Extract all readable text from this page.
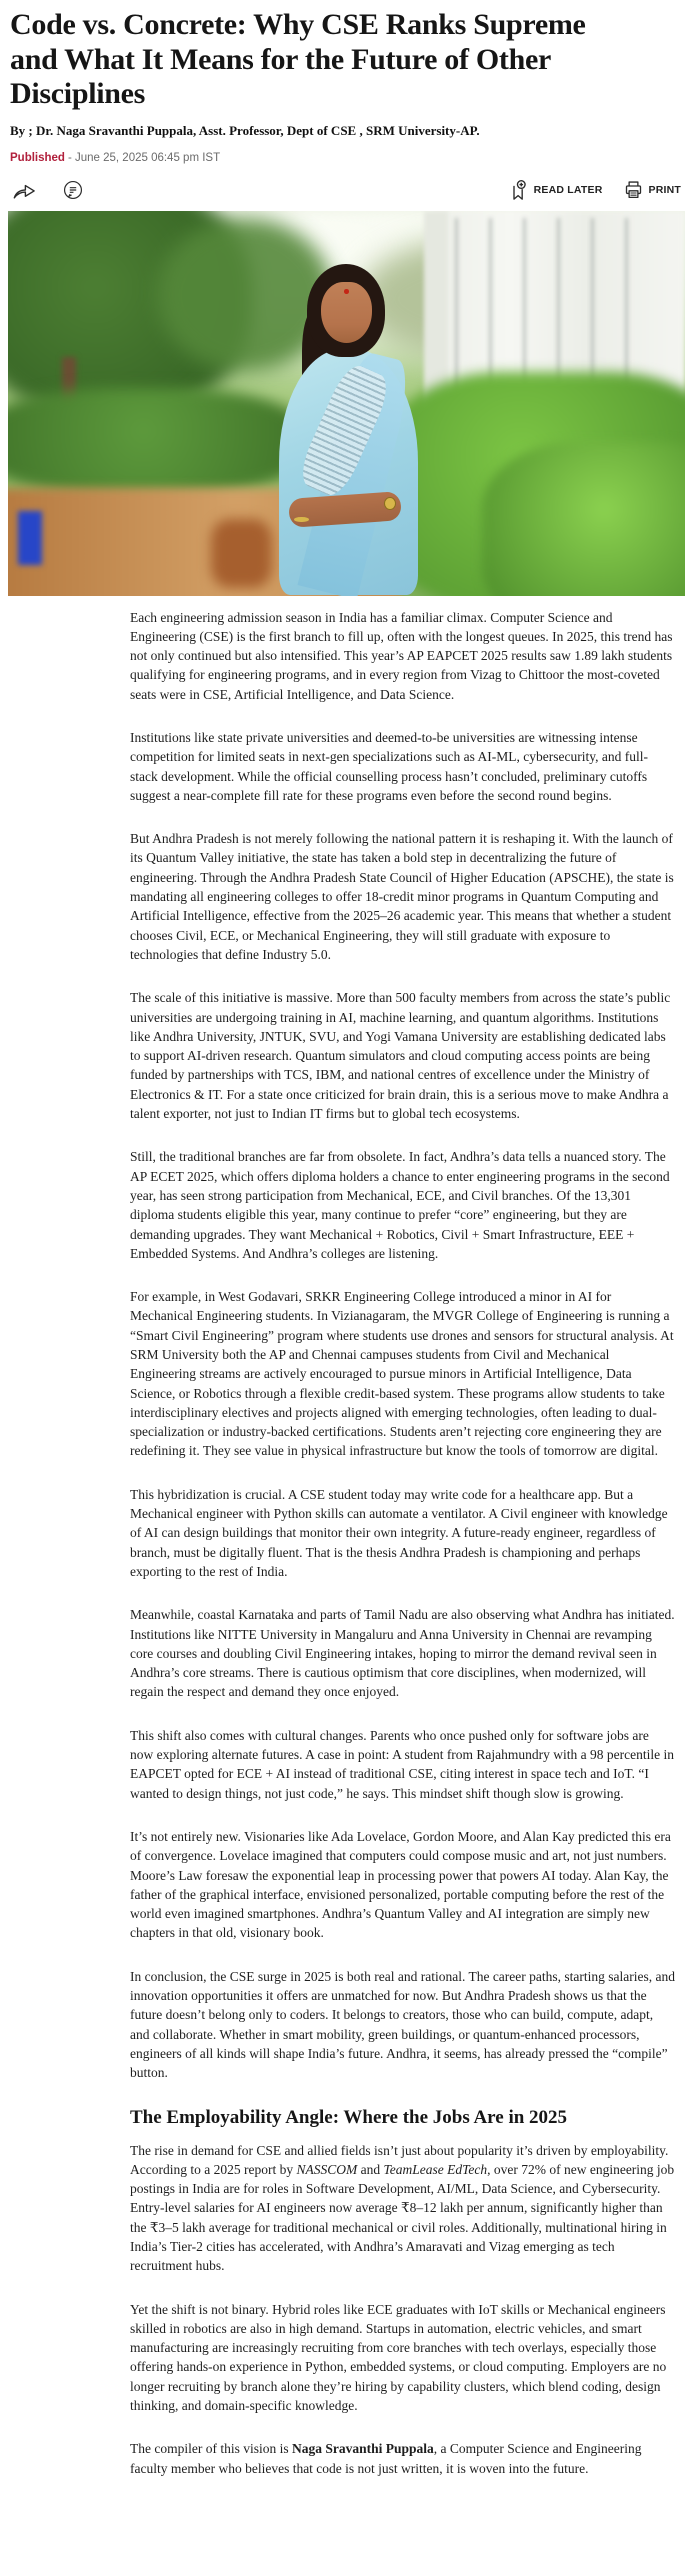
Code vs. Concrete: Why CSE Ranks Supreme and What It Means for the Future of Other Disciplines

By ; Dr. Naga Sravanthi Puppala, Asst. Professor, Dept of CSE , SRM University-AP.

Published - June 25, 2025 06:45 pm IST

READ LATER	PRINT

Each engineering admission season in India has a familiar climax. Computer Science and Engineering (CSE) is the first branch to fill up, often with the longest queues. In 2025, this trend has not only continued but also intensified. This year’s AP EAPCET 2025 results saw 1.89 lakh students qualifying for engineering programs, and in every region from Vizag to Chittoor the most-coveted seats were in CSE, Artificial Intelligence, and Data Science.

Institutions like state private universities and deemed-to-be universities are witnessing intense competition for limited seats in next-gen specializations such as AI-ML, cybersecurity, and full-stack development. While the official counselling process hasn’t concluded, preliminary cutoffs suggest a near-complete fill rate for these programs even before the second round begins.

But Andhra Pradesh is not merely following the national pattern it is reshaping it. With the launch of its Quantum Valley initiative, the state has taken a bold step in decentralizing the future of engineering. Through the Andhra Pradesh State Council of Higher Education (APSCHE), the state is mandating all engineering colleges to offer 18-credit minor programs in Quantum Computing and Artificial Intelligence, effective from the 2025–26 academic year. This means that whether a student chooses Civil, ECE, or Mechanical Engineering, they will still graduate with exposure to technologies that define Industry 5.0.

The scale of this initiative is massive. More than 500 faculty members from across the state’s public universities are undergoing training in AI, machine learning, and quantum algorithms. Institutions like Andhra University, JNTUK, SVU, and Yogi Vamana University are establishing dedicated labs to support AI-driven research. Quantum simulators and cloud computing access points are being funded by partnerships with TCS, IBM, and national centres of excellence under the Ministry of Electronics & IT. For a state once criticized for brain drain, this is a serious move to make Andhra a talent exporter, not just to Indian IT firms but to global tech ecosystems.

Still, the traditional branches are far from obsolete. In fact, Andhra’s data tells a nuanced story. The AP ECET 2025, which offers diploma holders a chance to enter engineering programs in the second year, has seen strong participation from Mechanical, ECE, and Civil branches. Of the 13,301 diploma students eligible this year, many continue to prefer “core” engineering, but they are demanding upgrades. They want Mechanical + Robotics, Civil + Smart Infrastructure, EEE + Embedded Systems. And Andhra’s colleges are listening.

For example, in West Godavari, SRKR Engineering College introduced a minor in AI for Mechanical Engineering students. In Vizianagaram, the MVGR College of Engineering is running a “Smart Civil Engineering” program where students use drones and sensors for structural analysis. At SRM University both the AP and Chennai campuses students from Civil and Mechanical Engineering streams are actively encouraged to pursue minors in Artificial Intelligence, Data Science, or Robotics through a flexible credit-based system. These programs allow students to take interdisciplinary electives and projects aligned with emerging technologies, often leading to dual-specialization or industry-backed certifications. Students aren’t rejecting core engineering they are redefining it. They see value in physical infrastructure but know the tools of tomorrow are digital.

This hybridization is crucial. A CSE student today may write code for a healthcare app. But a Mechanical engineer with Python skills can automate a ventilator. A Civil engineer with knowledge of AI can design buildings that monitor their own integrity. A future-ready engineer, regardless of branch, must be digitally fluent. That is the thesis Andhra Pradesh is championing and perhaps exporting to the rest of India.

Meanwhile, coastal Karnataka and parts of Tamil Nadu are also observing what Andhra has initiated. Institutions like NITTE University in Mangaluru and Anna University in Chennai are revamping core courses and doubling Civil Engineering intakes, hoping to mirror the demand revival seen in Andhra’s core streams. There is cautious optimism that core disciplines, when modernized, will regain the respect and demand they once enjoyed.

This shift also comes with cultural changes. Parents who once pushed only for software jobs are now exploring alternate futures. A case in point: A student from Rajahmundry with a 98 percentile in EAPCET opted for ECE + AI instead of traditional CSE, citing interest in space tech and IoT. “I wanted to design things, not just code,” he says. This mindset shift though slow is growing.

It’s not entirely new. Visionaries like Ada Lovelace, Gordon Moore, and Alan Kay predicted this era of convergence. Lovelace imagined that computers could compose music and art, not just numbers. Moore’s Law foresaw the exponential leap in processing power that powers AI today. Alan Kay, the father of the graphical interface, envisioned personalized, portable computing before the rest of the world even imagined smartphones. Andhra’s Quantum Valley and AI integration are simply new chapters in that old, visionary book.

In conclusion, the CSE surge in 2025 is both real and rational. The career paths, starting salaries, and innovation opportunities it offers are unmatched for now. But Andhra Pradesh shows us that the future doesn’t belong only to coders. It belongs to creators, those who can build, compute, adapt, and collaborate. Whether in smart mobility, green buildings, or quantum-enhanced processors, engineers of all kinds will shape India’s future. Andhra, it seems, has already pressed the “compile” button.

The Employability Angle: Where the Jobs Are in 2025

The rise in demand for CSE and allied fields isn’t just about popularity it’s driven by employability. According to a 2025 report by NASSCOM and TeamLease EdTech, over 72% of new engineering job postings in India are for roles in Software Development, AI/ML, Data Science, and Cybersecurity. Entry-level salaries for AI engineers now average ₹8–12 lakh per annum, significantly higher than the ₹3–5 lakh average for traditional mechanical or civil roles. Additionally, multinational hiring in India’s Tier-2 cities has accelerated, with Andhra’s Amaravati and Vizag emerging as tech recruitment hubs.

Yet the shift is not binary. Hybrid roles like ECE graduates with IoT skills or Mechanical engineers skilled in robotics are also in high demand. Startups in automation, electric vehicles, and smart manufacturing are increasingly recruiting from core branches with tech overlays, especially those offering hands-on experience in Python, embedded systems, or cloud computing. Employers are no longer recruiting by branch alone they’re hiring by capability clusters, which blend coding, design thinking, and domain-specific knowledge.

The compiler of this vision is Naga Sravanthi Puppala, a Computer Science and Engineering faculty member who believes that code is not just written, it is woven into the future.
